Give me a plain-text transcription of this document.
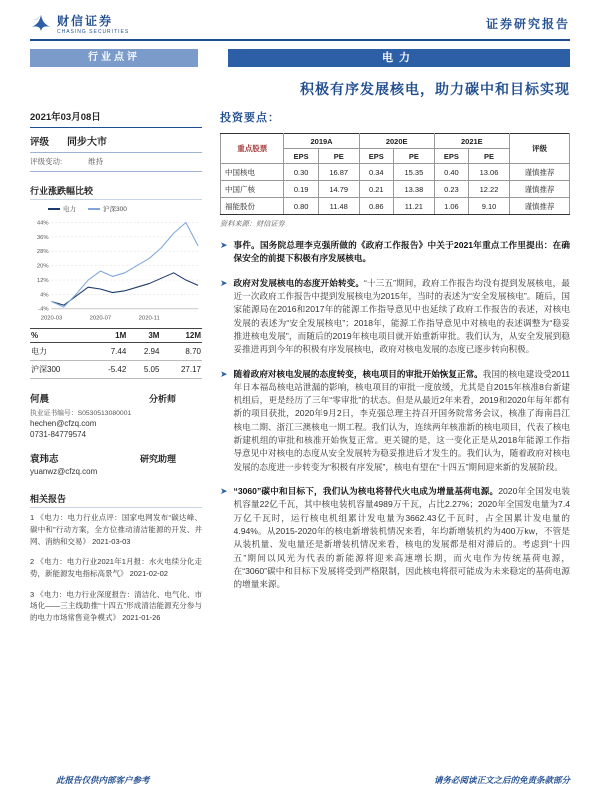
财信证券
CHASING SECURITIES
证券研究报告
行业点评	电力
积极有序发展核电，助力碳中和目标实现
2021年03月08日
评级 同步大市
评级变动:	维持
行业涨跌幅比较
电力	沪深300
44%
36%
28%
20%
12%
4%
-4%
2020-03	2020-07	2020-11
%	1M	3M	12M
电力	7.44	2.94	8.70
沪深300	-5.42	5.05	27.17
何晨	分析师
执业证书编号：S0530513080001
hechen@cfzq.com
0731-84779574
袁玮志	研究助理
yuanwz@cfzq.com
相关报告
1 《电力：电力行业点评：国家电网发布“碳达峰、碳中和”行动方案，全方位推动清洁能源的开发、并网、消纳和交易》 2021-03-03
2 《电力：电力行业2021年1月报：水火电续分化走势，新能源发电指标高景气》 2021-02-02
3 《电力：电力行业深度报告：清洁化、电气化、市场化——三主线助推“十四五”形成清洁能源充分参与的电力市场常售竞争模式》 2021-01-26
投资要点：
重点股票	2019A		2020E		2021E		评级
	EPS	PE	EPS	PE	EPS	PE	
中国核电	0.30	16.87	0.34	15.35	0.40	13.06	谨慎推荐
中国广核	0.19	14.79	0.21	13.38	0.23	12.22	谨慎推荐
福能股份	0.80	11.48	0.86	11.21	1.06	9.10	谨慎推荐
资料来源：财信证券
➤ 事件。国务院总理李克强所做的《政府工作报告》中关于2021年重点工作里提出：在确保安全的前提下积极有序发展核电。
➤ 政府对发展核电的态度开始转变。“十三五”期间，政府工作报告均没有提到发展核电，最近一次政府工作报告中提到发展核电为2015年，当时的表述为“安全发展核电”。随后，国家能源局在2016和2017年的能源工作指导意见中也延续了政府工作报告的表述，对核电发展的表述为“安全发展核电”；2018年，能源工作指导意见中对核电的表述调整为“稳妥推进核电发展”，而随后的2019年核电项目就开始重新审批。我们认为，从安全发展到稳妥推进再到今年的积极有序发展核电，政府对核电发展的态度已逐步转向积极。
➤ 随着政府对核电发展的态度转变，核电项目的审批开始恢复正常。我国的核电建设受2011年日本福岛核电站泄漏的影响，核电项目的审批一度放缓，尤其是自2015年核准8台新建机组后，更是经历了三年“零审批”的状态。但是从最近2年来看，2019和2020年每年都有新的项目获批，2020年9月2日，李克强总理主持召开国务院常务会议，核准了海南昌江核电二期、浙江三澳核电一期工程。我们认为，连续两年核准新的核电项目，代表了核电新建机组的审批和核准开始恢复正常。更关键的是，这一变化正是从2018年能源工作指导意见中对核电的态度从安全发展转为稳妥推进后才发生的。我们认为，随着政府对核电发展的态度进一步转变为“积极有序发展”，核电有望在“十四五”期间迎来新的发展阶段。
➤ “3060”碳中和目标下，我们认为核电将替代火电成为增量基荷电源。2020年全国发电装机容量22亿千瓦，其中核电装机容量4989万千瓦，占比2.27%；2020年全国发电量为7.4万亿千瓦时，运行核电机组累计发电量为3662.43亿千瓦时，占全国累计发电量的4.94%。从2015-2020年的核电新增装机情况来看，年均新增装机约为400万kw，不管是从装机量、发电量还是新增装机情况来看，核电的发展都是相对滞后的。考虑到“十四五”期间以风光为代表的新能源将迎来高速增长期，而火电作为传统基荷电源，在“3060”碳中和目标下发展将受到严格限制，因此核电将很可能成为未来稳定的基荷电源的增量来源。
此报告仅供内部客户参考	请务必阅读正文之后的免责条款部分
